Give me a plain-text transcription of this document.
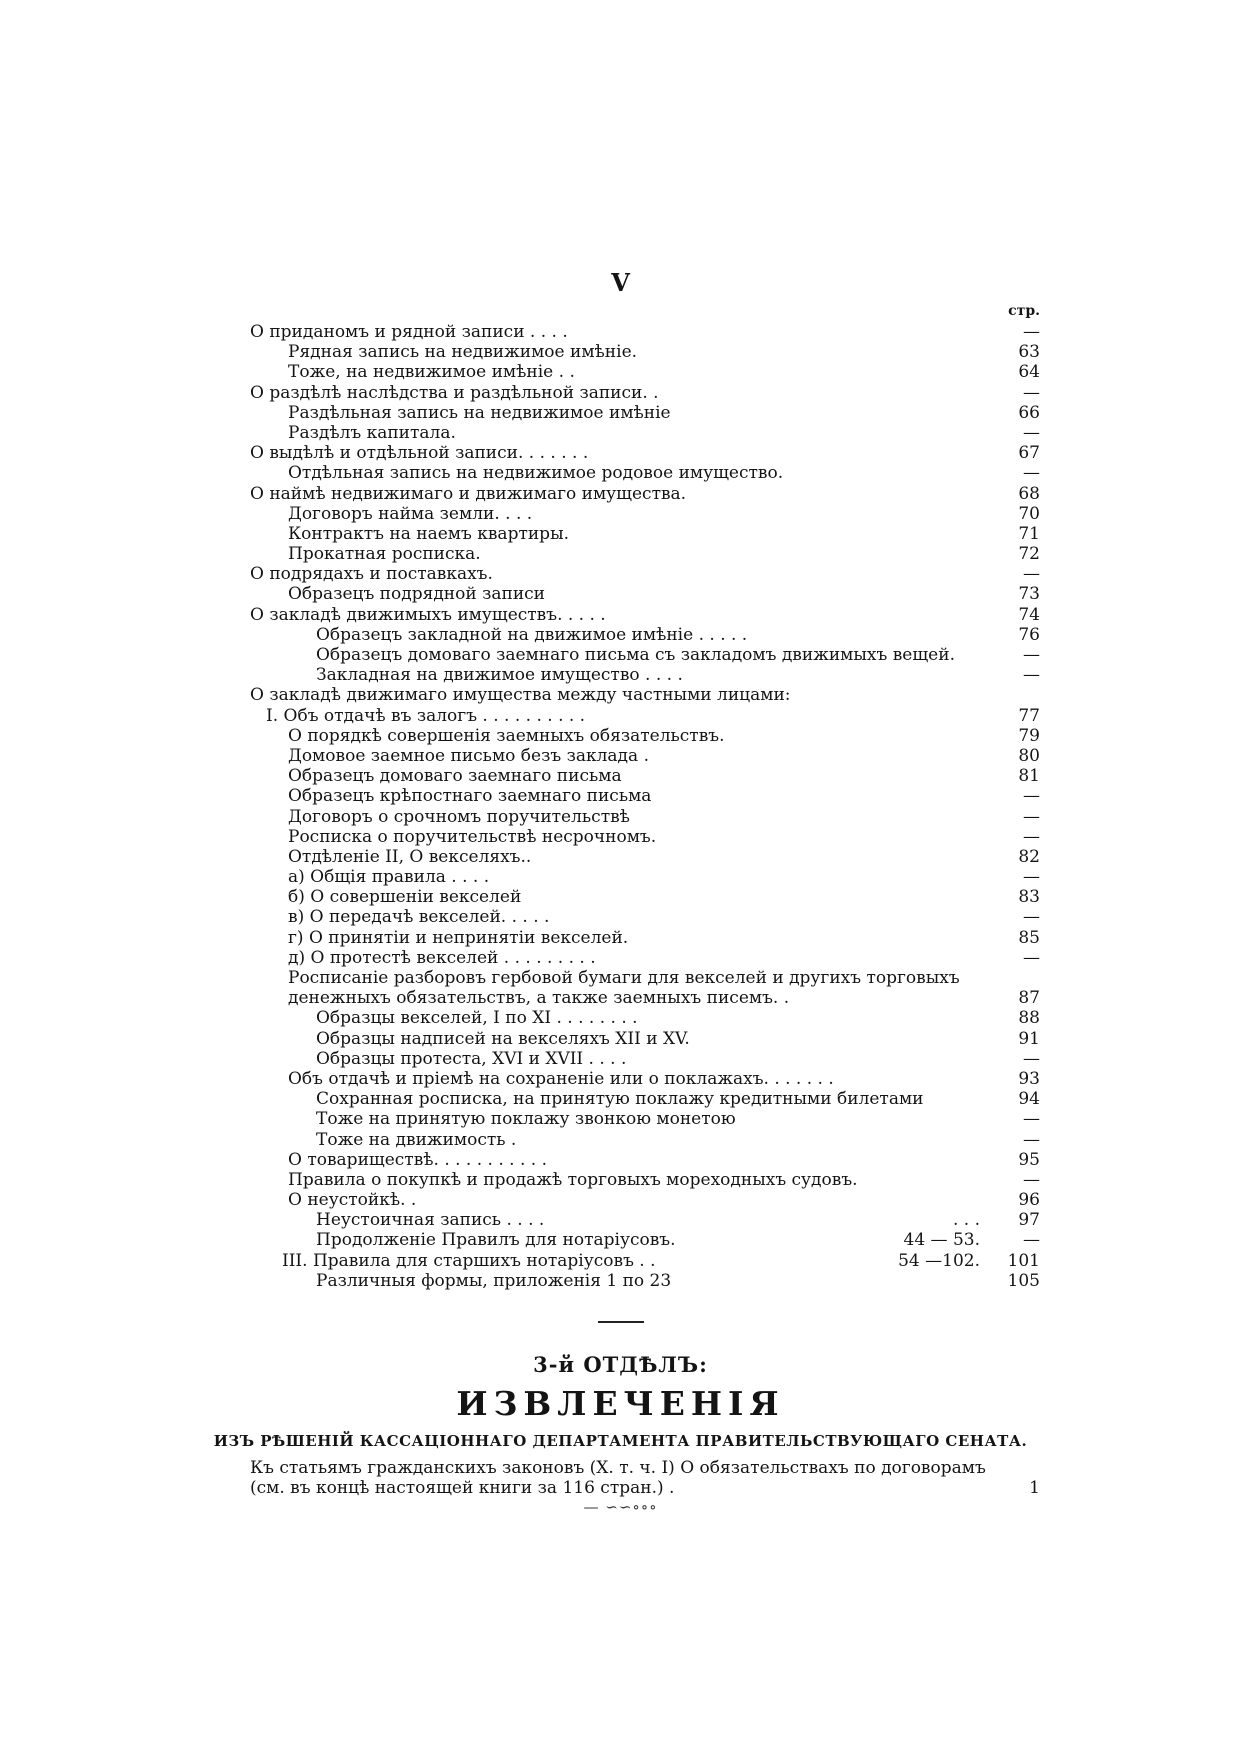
V
стр.
О приданомъ и рядной записи . . . .	—
Рядная запись на недвижимое имѣніе.	63
Тоже, на недвижимое имѣніе . .	64
О раздѣлѣ наслѣдства и раздѣльной записи. .	—
Раздѣльная запись на недвижимое имѣніе	66
Раздѣлъ капитала.	—
О выдѣлѣ и отдѣльной записи. . . . . . .	67
Отдѣльная запись на недвижимое родовое имущество.	—
О наймѣ недвижимаго и движимаго имущества.	68
Договоръ найма земли. . . .	70
Контрактъ на наемъ квартиры.	71
Прокатная росписка.	72
О подрядахъ и поставкахъ.	—
Образецъ подрядной записи	73
О закладѣ движимыхъ имуществъ. . . . .	74
Образецъ закладной на движимое имѣніе . . . . .	76
Образецъ домоваго заемнаго письма съ закладомъ движимыхъ вещей.	—
Закладная на движимое имущество . . . .	—
О закладѣ движимаго имущества между частными лицами:
I. Объ отдачѣ въ залогъ . . . . . . . . . .	77
О порядкѣ совершенія заемныхъ обязательствъ.	79
Домовое заемное письмо безъ заклада .	80
Образецъ домоваго заемнаго письма	81
Образецъ крѣпостнаго заемнаго письма	—
Договоръ о срочномъ поручительствѣ	—
Росписка о поручительствѣ несрочномъ.	—
Отдѣленіе II, О векселяхъ..	82
а) Общія правила . . . .	—
б) О совершеніи векселей	83
в) О передачѣ векселей. . . . .	—
г) О принятіи и непринятіи векселей.	85
д) О протестѣ векселей . . . . . . . . .	—
Росписаніе разборовъ гербовой бумаги для векселей и другихъ торговыхъ денежныхъ обязательствъ, а также заемныхъ писемъ. .	87
Образцы векселей, I по XI . . . . . . . .	88
Образцы надписей на векселяхъ XII и XV.	91
Образцы протеста, XVI и XVII . . . .	—
Объ отдачѣ и пріемѣ на сохраненіе или о поклажахъ. . . . . . .	93
Сохранная росписка, на принятую поклажу кредитными билетами	94
Тоже на принятую поклажу звонкою монетою	—
Тоже на движимость .	—
О товариществѣ. . . . . . . . . . .	95
Правила о покупкѣ и продажѣ торговыхъ мореходныхъ судовъ.	—
О неустойкѣ. .	96
Неустоичная запись . . . .	. . .	97
Продолженіе Правилъ для нотаріусовъ.	44 — 53.	—
III. Правила для старшихъ нотаріусовъ . .	54 —102.	101
Различныя формы, приложенія 1 по 23	105
3-й ОТДѢЛЪ:
ИЗВЛЕЧЕНІЯ
ИЗЪ РѢШЕНІЙ КАССАЦІОННАГО ДЕПАРТАМЕНТА ПРАВИТЕЛЬСТВУЮЩАГО СЕНАТА.
Къ статьямъ гражданскихъ законовъ (X. т. ч. I) О обязательствахъ по договорамъ (см. въ концѣ настоящей книги за 116 стран.) .	1
— ∽∽∘∘∘
